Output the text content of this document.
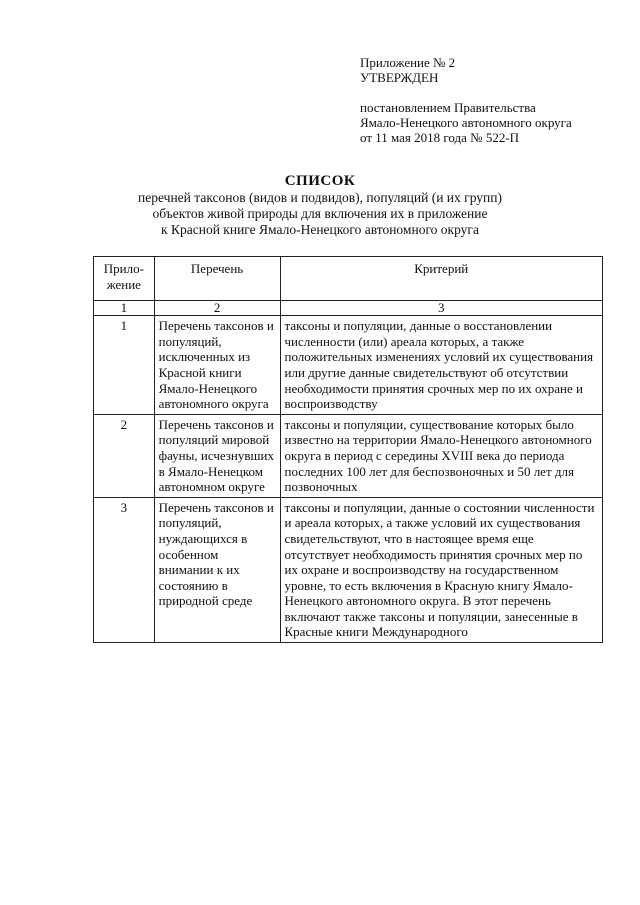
Приложение № 2
УТВЕРЖДЕН
постановлением Правительства
Ямало-Ненецкого автономного округа
от 11 мая 2018 года № 522-П
СПИСОК
перечней таксонов (видов и подвидов), популяций (и их групп)
объектов живой природы для включения их в приложение
к Красной книге Ямало-Ненецкого автономного округа
Прило-
жение	Перечень	Критерий
1	2	3
1	Перечень таксонов и популяций, исключенных из Красной книги Ямало-Ненецкого автономного округа	таксоны и популяции, данные о восстановлении численности (или) ареала которых, а также положительных изменениях условий их существования или другие данные свидетельствуют об отсутствии необходимости принятия срочных мер по их охране и воспроизводству
2	Перечень таксонов и популяций мировой фауны, исчезнувших в Ямало-Ненецком автономном округе	таксоны и популяции, существование которых было известно на территории Ямало-Ненецкого автономного округа в период с середины XVIII века до периода последних 100 лет для беспозвоночных и 50 лет для позвоночных
3	Перечень таксонов и популяций, нуждающихся в особенном внимании к их состоянию в природной среде	таксоны и популяции, данные о состоянии численности и ареала которых, а также условий их существования свидетельствуют, что в настоящее время еще отсутствует необходимость принятия срочных мер по их охране и воспроизводству на государственном уровне, то есть включения в Красную книгу Ямало-Ненецкого автономного округа. В этот перечень включают также таксоны и популяции, занесенные в Красные книги Международного
